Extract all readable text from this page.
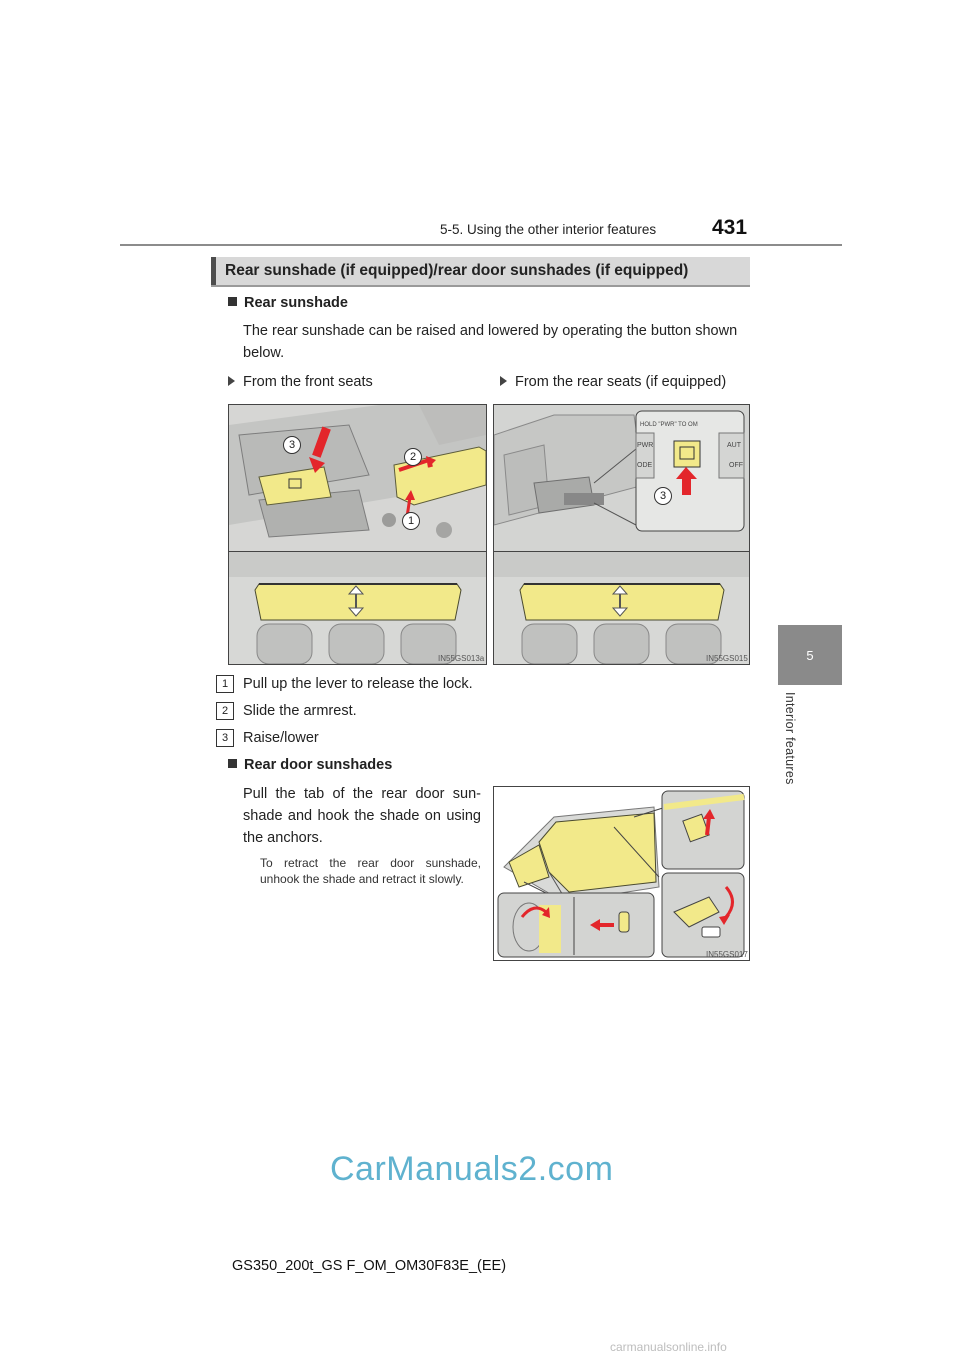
5-5. Using the other interior features	431
5
Interior features
Rear sunshade (if equipped)/rear door sunshades (if equipped)
Rear sunshade
The rear sunshade can be raised and lowered by operating the button shown below.
From the front seats	From the rear seats (if equipped)
3
2
1
HOLD "PWR" TO OM
PWR
ODE
AUT
OFF
3
IN55GS013a	IN55GS015
1 Pull up the lever to release the lock.
2 Slide the armrest.
3 Raise/lower
Rear door sunshades
Pull the tab of the rear door sun-shade and hook the shade on using the anchors.
To retract the rear door sunshade, unhook the shade and retract it slowly.
IN55GS017
CarManuals2.com
GS350_200t_GS F_OM_OM30F83E_(EE)
carmanualsonline.info
